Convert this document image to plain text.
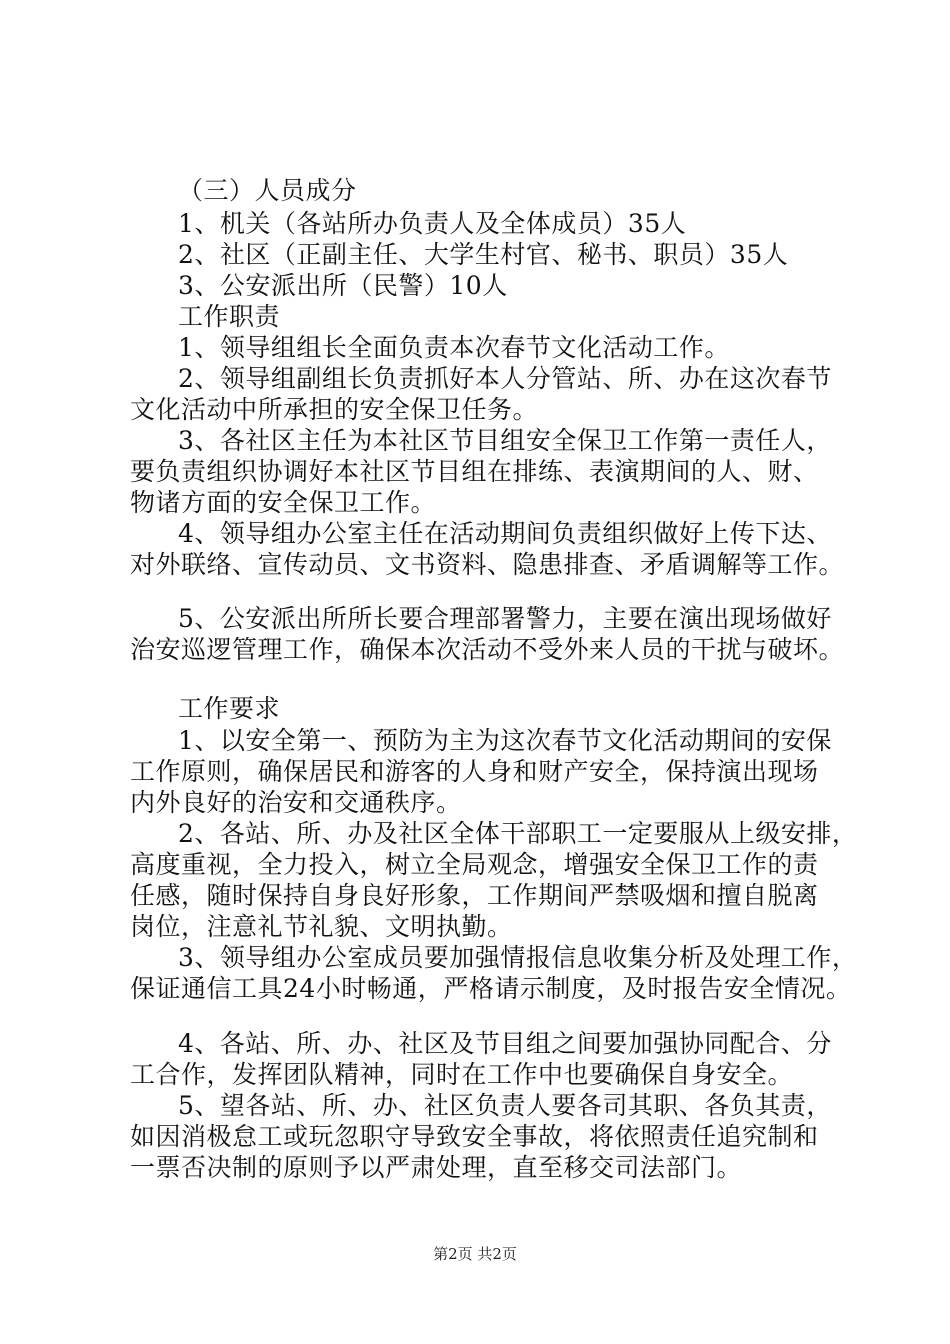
（三）人员成分
1、机关（各站所办负责人及全体成员）35人
2、社区（正副主任、大学生村官、秘书、职员）35人
3、公安派出所（民警）10人
工作职责
1、领导组组长全面负责本次春节文化活动工作。
2、领导组副组长负责抓好本人分管站、所、办在这次春节
文化活动中所承担的安全保卫任务。
3、各社区主任为本社区节目组安全保卫工作第一责任人，
要负责组织协调好本社区节目组在排练、表演期间的人、财、
物诸方面的安全保卫工作。
4、领导组办公室主任在活动期间负责组织做好上传下达、
对外联络、宣传动员、文书资料、隐患排查、矛盾调解等工作。
5、公安派出所所长要合理部署警力，主要在演出现场做好
治安巡逻管理工作，确保本次活动不受外来人员的干扰与破坏。
工作要求
1、以安全第一、预防为主为这次春节文化活动期间的安保
工作原则，确保居民和游客的人身和财产安全，保持演出现场
内外良好的治安和交通秩序。
2、各站、所、办及社区全体干部职工一定要服从上级安排，
高度重视，全力投入，树立全局观念，增强安全保卫工作的责
任感，随时保持自身良好形象，工作期间严禁吸烟和擅自脱离
岗位，注意礼节礼貌、文明执勤。
3、领导组办公室成员要加强情报信息收集分析及处理工作，
保证通信工具24小时畅通，严格请示制度，及时报告安全情况。
4、各站、所、办、社区及节目组之间要加强协同配合、分
工合作，发挥团队精神，同时在工作中也要确保自身安全。
5、望各站、所、办、社区负责人要各司其职、各负其责，
如因消极怠工或玩忽职守导致安全事故，将依照责任追究制和
一票否决制的原则予以严肃处理，直至移交司法部门。
第2页 共2页
